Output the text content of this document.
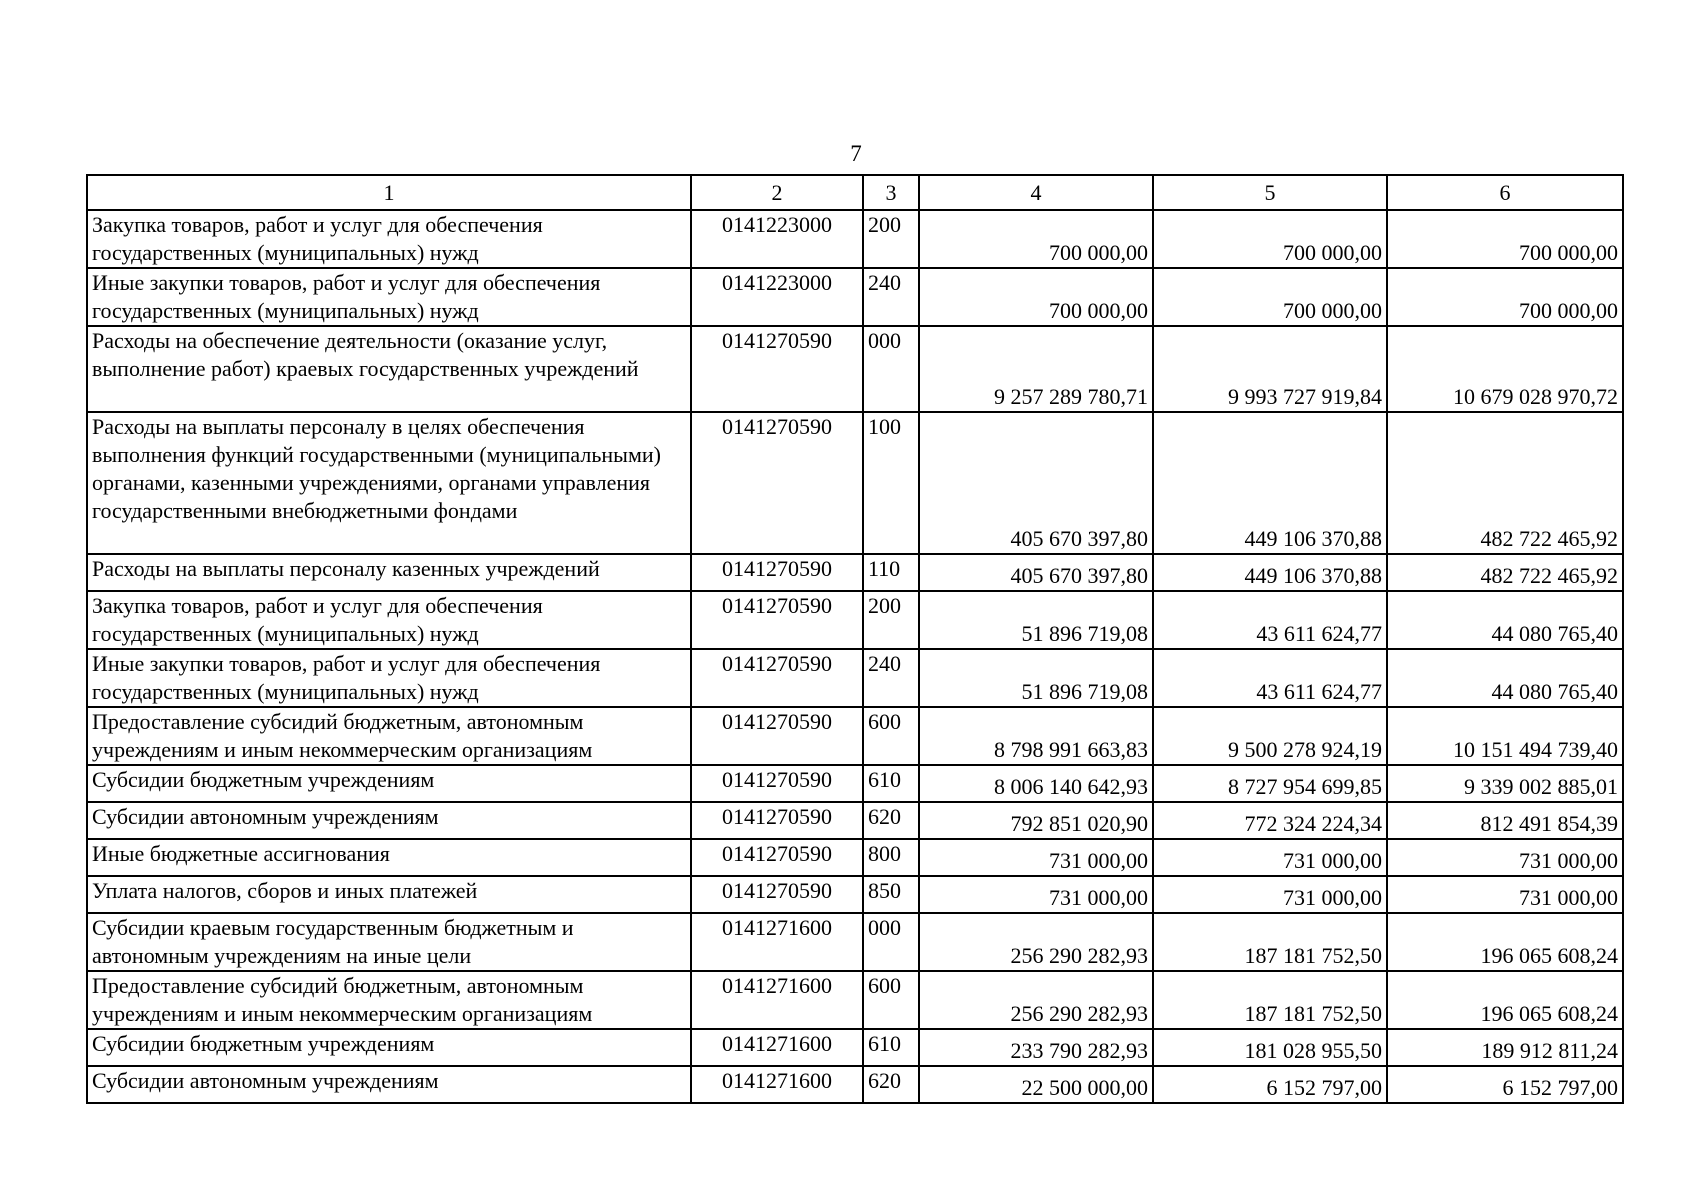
7
1	2	3	4	5	6
Закупка товаров, работ и услуг для обеспечения государственных (муниципальных) нужд	0141223000	200	700 000,00	700 000,00	700 000,00
Иные закупки товаров, работ и услуг для обеспечения государственных (муниципальных) нужд	0141223000	240	700 000,00	700 000,00	700 000,00
Расходы на обеспечение деятельности (оказание услуг, выполнение работ) краевых государственных учреждений	0141270590	000	9 257 289 780,71	9 993 727 919,84	10 679 028 970,72
Расходы на выплаты персоналу в целях обеспечения выполнения функций государственными (муниципальными) органами, казенными учреждениями, органами управления государственными внебюджетными фондами	0141270590	100	405 670 397,80	449 106 370,88	482 722 465,92
Расходы на выплаты персоналу казенных учреждений	0141270590	110	405 670 397,80	449 106 370,88	482 722 465,92
Закупка товаров, работ и услуг для обеспечения государственных (муниципальных) нужд	0141270590	200	51 896 719,08	43 611 624,77	44 080 765,40
Иные закупки товаров, работ и услуг для обеспечения государственных (муниципальных) нужд	0141270590	240	51 896 719,08	43 611 624,77	44 080 765,40
Предоставление субсидий бюджетным, автономным учреждениям и иным некоммерческим организациям	0141270590	600	8 798 991 663,83	9 500 278 924,19	10 151 494 739,40
Субсидии бюджетным учреждениям	0141270590	610	8 006 140 642,93	8 727 954 699,85	9 339 002 885,01
Субсидии автономным учреждениям	0141270590	620	792 851 020,90	772 324 224,34	812 491 854,39
Иные бюджетные ассигнования	0141270590	800	731 000,00	731 000,00	731 000,00
Уплата налогов, сборов и иных платежей	0141270590	850	731 000,00	731 000,00	731 000,00
Субсидии краевым государственным бюджетным и автономным учреждениям на иные цели	0141271600	000	256 290 282,93	187 181 752,50	196 065 608,24
Предоставление субсидий бюджетным, автономным учреждениям и иным некоммерческим организациям	0141271600	600	256 290 282,93	187 181 752,50	196 065 608,24
Субсидии бюджетным учреждениям	0141271600	610	233 790 282,93	181 028 955,50	189 912 811,24
Субсидии автономным учреждениям	0141271600	620	22 500 000,00	6 152 797,00	6 152 797,00
